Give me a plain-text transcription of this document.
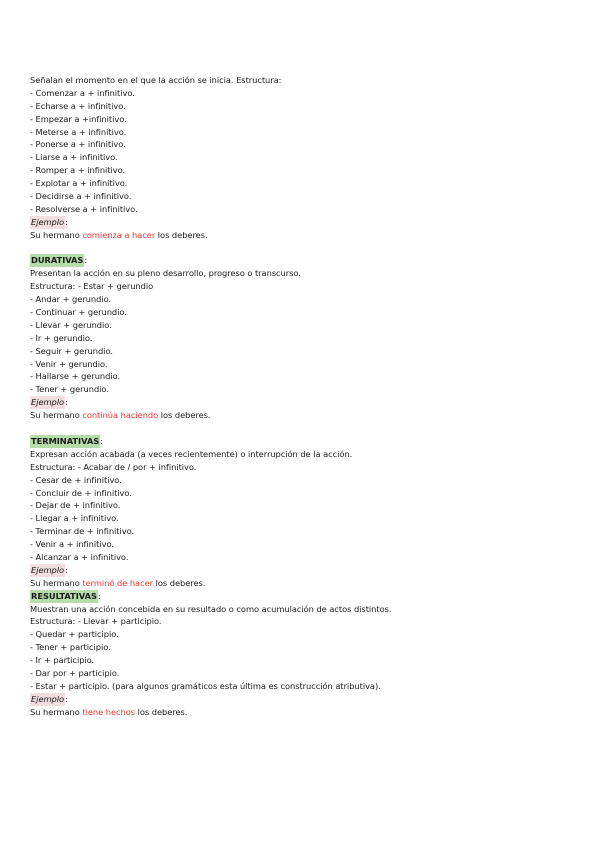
Señalan el momento en el que la acción se inicia. Estructura:
- Comenzar a + infinitivo.
- Echarse a + infinitivo.
- Empezar a +infinitivo.
- Meterse a + infinitivo.
- Ponerse a + infinitivo.
- Liarse a + infinitivo.
- Romper a + infinitivo.
- Explotar a + infinitivo.
- Decidirse a + infinitivo.
- Resolverse a + infinitivo.
Ejemplo:
Su hermano comienza a hacer los deberes.
DURATIVAS:
Presentan la acción en su pleno desarrollo, progreso o transcurso.
Estructura: - Estar + gerundio
- Andar + gerundio.
- Continuar + gerundio.
- Llevar + gerundio.
- Ir + gerundio.
- Seguir + gerundio.
- Venir + gerundio.
- Hallarse + gerundio.
- Tener + gerundio.
Ejemplo:
Su hermano continúa haciendo los deberes.
TERMINATIVAS:
Expresan acción acabada (a veces recientemente) o interrupción de la acción.
Estructura: - Acabar de / por + infinitivo.
- Cesar de + infinitivo.
- Concluir de + infinitivo.
- Dejar de + infinitivo.
- Llegar a + infinitivo.
- Terminar de + infinitivo.
- Venir a + infinitivo.
- Alcanzar a + infinitivo.
Ejemplo:
Su hermano terminó de hacer los deberes.
RESULTATIVAS:
Muestran una acción concebida en su resultado o como acumulación de actos distintos.
Estructura: - Llevar + participio.
- Quedar + participio.
- Tener + participio.
- Ir + participio.
- Dar por + participio.
- Estar + participio. (para algunos gramáticos esta última es construcción atributiva).
Ejemplo:
Su hermano tiene hechos los deberes.
